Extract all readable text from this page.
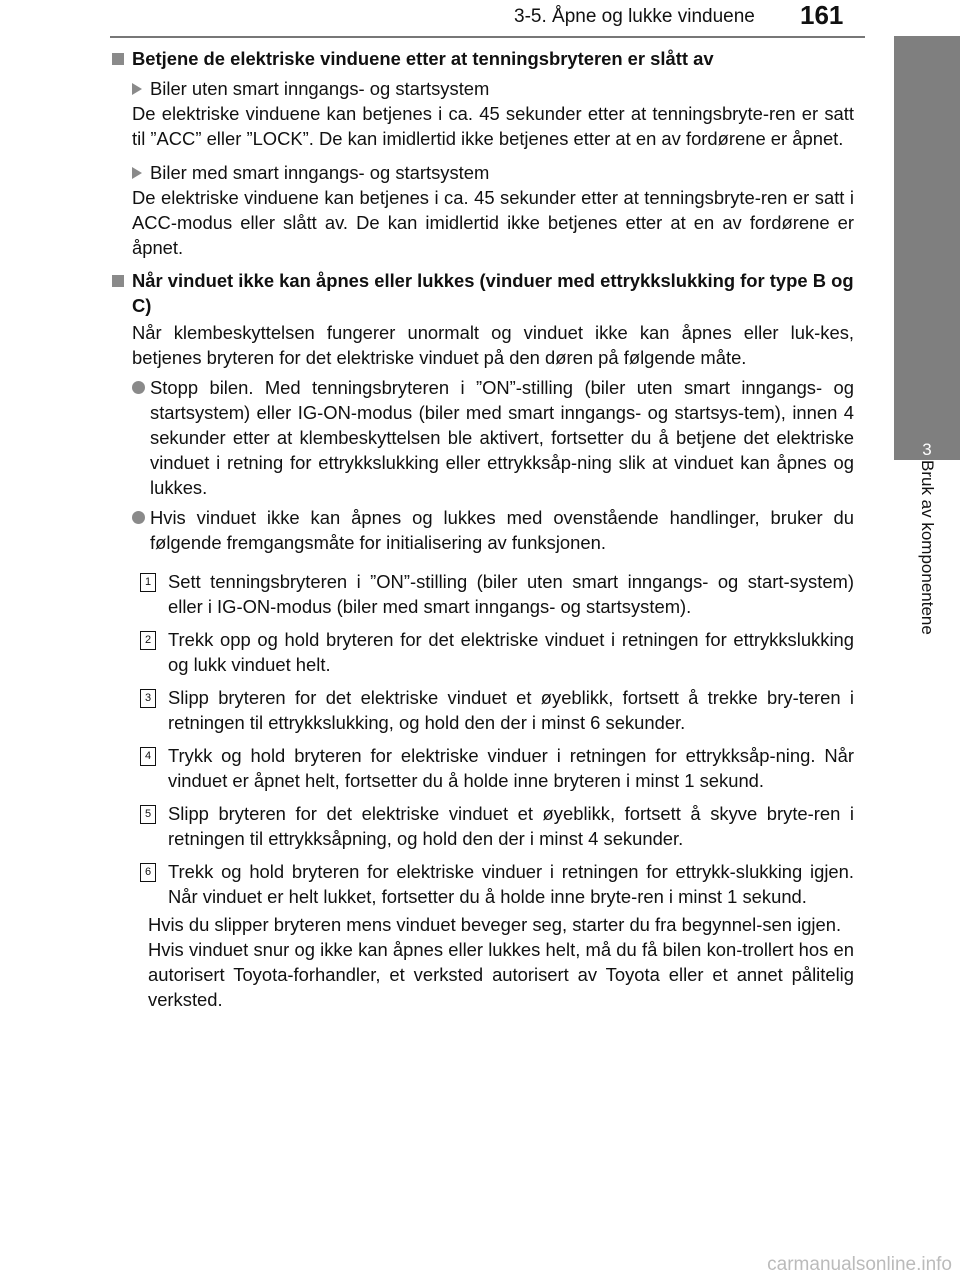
3-5. Åpne og lukke vinduene 161
3
Bruk av komponentene
Betjene de elektriske vinduene etter at tenningsbryteren er slått av
Biler uten smart inngangs- og startsystem
De elektriske vinduene kan betjenes i ca. 45 sekunder etter at tenningsbryte-ren er satt til ”ACC” eller ”LOCK”. De kan imidlertid ikke betjenes etter at en av fordørene er åpnet.
Biler med smart inngangs- og startsystem
De elektriske vinduene kan betjenes i ca. 45 sekunder etter at tenningsbryte-ren er satt i ACC-modus eller slått av. De kan imidlertid ikke betjenes etter at en av fordørene er åpnet.
Når vinduet ikke kan åpnes eller lukkes (vinduer med ettrykkslukking for type B og C)
Når klembeskyttelsen fungerer unormalt og vinduet ikke kan åpnes eller luk-kes, betjenes bryteren for det elektriske vinduet på den døren på følgende måte.
Stopp bilen. Med tenningsbryteren i ”ON”-stilling (biler uten smart inngangs- og startsystem) eller IG-ON-modus (biler med smart inngangs- og startsys-tem), innen 4 sekunder etter at klembeskyttelsen ble aktivert, fortsetter du å betjene det elektriske vinduet i retning for ettrykkslukking eller ettrykksåp-ning slik at vinduet kan åpnes og lukkes.
Hvis vinduet ikke kan åpnes og lukkes med ovenstående handlinger, bruker du følgende fremgangsmåte for initialisering av funksjonen.
1 Sett tenningsbryteren i ”ON”-stilling (biler uten smart inngangs- og start-system) eller i IG-ON-modus (biler med smart inngangs- og startsystem).
2 Trekk opp og hold bryteren for det elektriske vinduet i retningen for ettrykkslukking og lukk vinduet helt.
3 Slipp bryteren for det elektriske vinduet et øyeblikk, fortsett å trekke bry-teren i retningen til ettrykkslukking, og hold den der i minst 6 sekunder.
4 Trykk og hold bryteren for elektriske vinduer i retningen for ettrykksåp-ning. Når vinduet er åpnet helt, fortsetter du å holde inne bryteren i minst 1 sekund.
5 Slipp bryteren for det elektriske vinduet et øyeblikk, fortsett å skyve bryte-ren i retningen til ettrykksåpning, og hold den der i minst 4 sekunder.
6 Trekk og hold bryteren for elektriske vinduer i retningen for ettrykk-slukking igjen. Når vinduet er helt lukket, fortsetter du å holde inne bryte-ren i minst 1 sekund.
Hvis du slipper bryteren mens vinduet beveger seg, starter du fra begynnel-sen igjen.
Hvis vinduet snur og ikke kan åpnes eller lukkes helt, må du få bilen kon-trollert hos en autorisert Toyota-forhandler, et verksted autorisert av Toyota eller et annet pålitelig verksted.
carmanualsonline.info
